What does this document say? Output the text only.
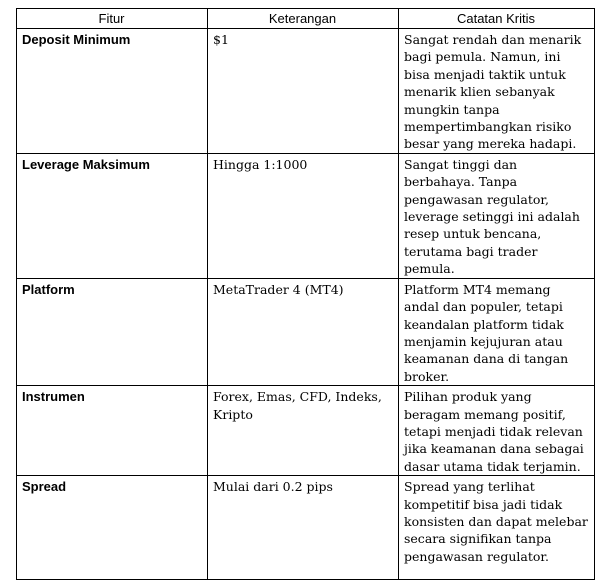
Fitur	Keterangan	Catatan Kritis
Deposit Minimum	$1	Sangat rendah dan menarik bagi pemula. Namun, ini bisa menjadi taktik untuk menarik klien sebanyak mungkin tanpa mempertimbangkan risiko besar yang mereka hadapi.
Leverage Maksimum	Hingga 1:1000	Sangat tinggi dan berbahaya. Tanpa pengawasan regulator, leverage setinggi ini adalah resep untuk bencana, terutama bagi trader pemula.
Platform	MetaTrader 4 (MT4)	Platform MT4 memang andal dan populer, tetapi keandalan platform tidak menjamin kejujuran atau keamanan dana di tangan broker.
Instrumen	Forex, Emas, CFD, Indeks, Kripto	Pilihan produk yang beragam memang positif, tetapi menjadi tidak relevan jika keamanan dana sebagai dasar utama tidak terjamin.
Spread	Mulai dari 0.2 pips	Spread yang terlihat kompetitif bisa jadi tidak konsisten dan dapat melebar secara signifikan tanpa pengawasan regulator.
